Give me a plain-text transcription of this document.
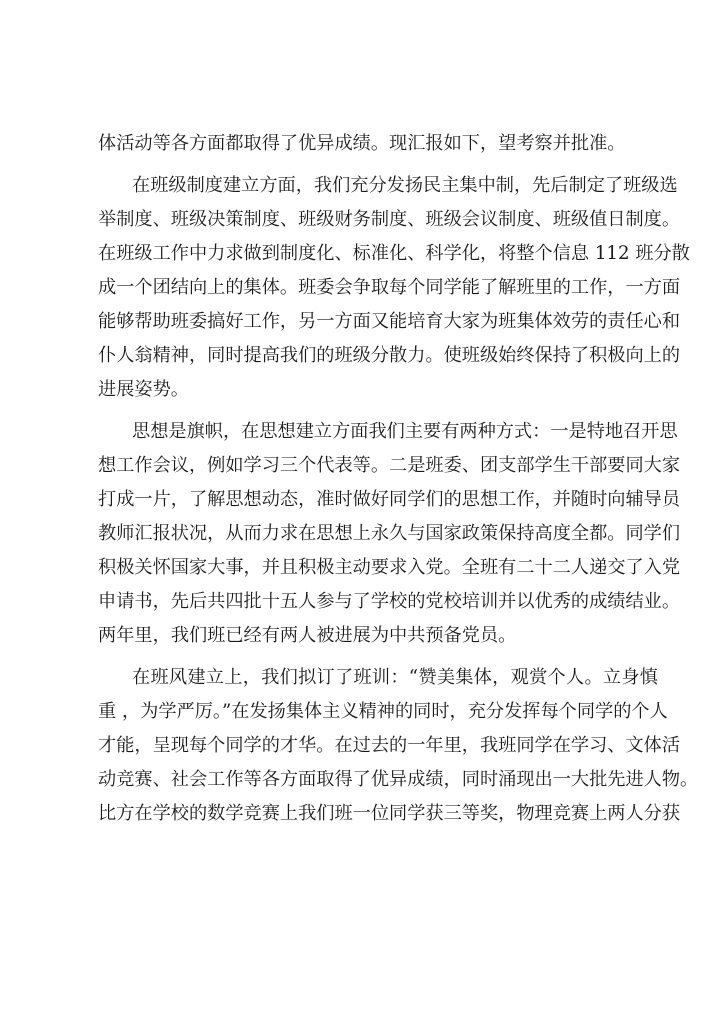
体活动等各方面都取得了优异成绩。现汇报如下，望考察并批准。
在班级制度建立方面，我们充分发扬民主集中制，先后制定了班级选
举制度、班级决策制度、班级财务制度、班级会议制度、班级值日制度。
在班级工作中力求做到制度化、标准化、科学化，将整个信息 112 班分散
成一个团结向上的集体。班委会争取每个同学能了解班里的工作，一方面
能够帮助班委搞好工作，另一方面又能培育大家为班集体效劳的责任心和
仆人翁精神，同时提高我们的班级分散力。使班级始终保持了积极向上的
进展姿势。
思想是旗帜，在思想建立方面我们主要有两种方式：一是特地召开思
想工作会议，例如学习三个代表等。二是班委、团支部学生干部要同大家
打成一片，了解思想动态，准时做好同学们的思想工作，并随时向辅导员
教师汇报状况，从而力求在思想上永久与国家政策保持高度全都。同学们
积极关怀国家大事，并且积极主动要求入党。全班有二十二人递交了入党
申请书，先后共四批十五人参与了学校的党校培训并以优秀的成绩结业。
两年里，我们班已经有两人被进展为中共预备党员。
在班风建立上，我们拟订了班训：“赞美集体，观赏个人。立身慎
重 ，为学严厉。”在发扬集体主义精神的同时，充分发挥每个同学的个人
才能，呈现每个同学的才华。在过去的一年里，我班同学在学习、文体活
动竞赛、社会工作等各方面取得了优异成绩，同时涌现出一大批先进人物。
比方在学校的数学竞赛上我们班一位同学获三等奖，物理竞赛上两人分获
